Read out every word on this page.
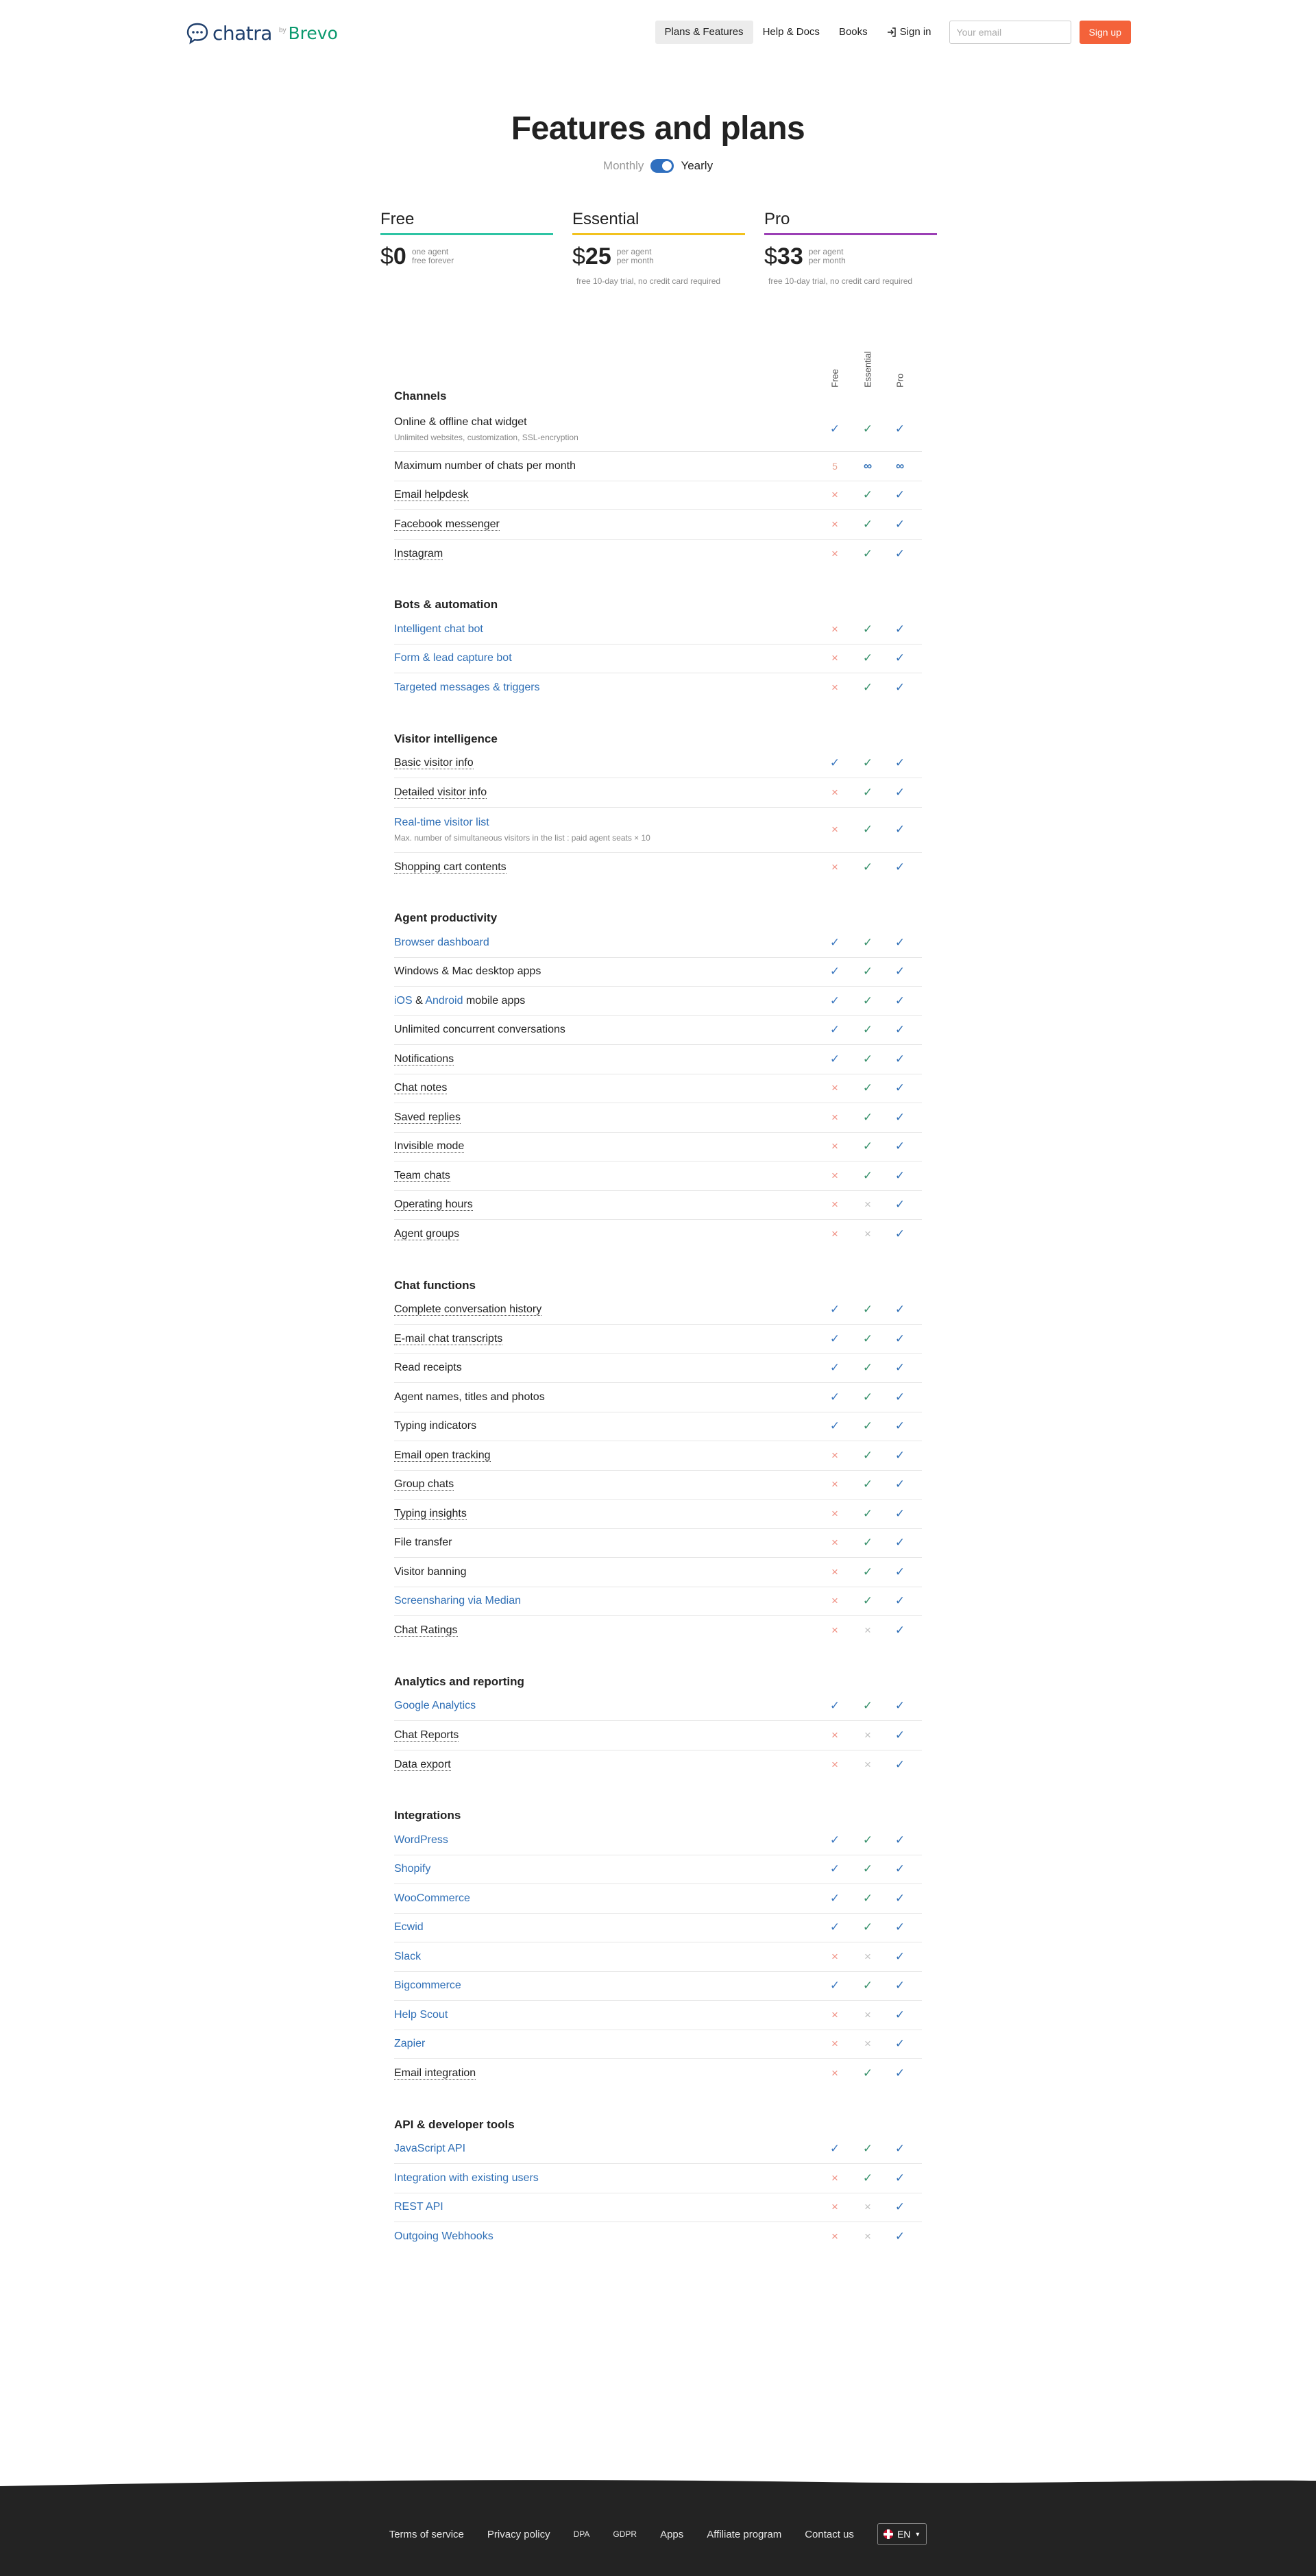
chatra by Brevo	Plans & Features	Help & Docs	Books	Sign in
Your email	Sign up
Features and plans
Monthly	Yearly
Free
$0 one agent
free forever
Essential
$25 per agent
per month
free 10-day trial, no credit card required
Pro
$33 per agent
per month
free 10-day trial, no credit card required
Free	Essential Pro
Channels
Online & offline chat widget
Unlimited websites, customization, SSL-encryption
✓ ✓ ✓
Maximum number of chats per month	5	∞ ∞
Email helpdesk	× ✓ ✓
Facebook messenger	× ✓ ✓
Instagram	× ✓ ✓
Bots & automation
Intelligent chat bot	× ✓ ✓
Form & lead capture bot	× ✓ ✓
Targeted messages & triggers	× ✓ ✓
Visitor intelligence
Basic visitor info	✓ ✓ ✓
Detailed visitor info	× ✓ ✓
Real-time visitor list
Max. number of simultaneous visitors in the list : paid agent seats × 10
× ✓ ✓
Shopping cart contents	× ✓ ✓
Agent productivity
Browser dashboard	✓ ✓ ✓
Windows & Mac desktop apps	✓ ✓ ✓
iOS & Android mobile apps	✓ ✓ ✓
Unlimited concurrent conversations	✓ ✓ ✓
Notifications	✓ ✓ ✓
Chat notes	× ✓ ✓
Saved replies	× ✓ ✓
Invisible mode	× ✓ ✓
Team chats	× ✓ ✓
Operating hours	× × ✓
Agent groups	× × ✓
Chat functions
Complete conversation history	✓ ✓ ✓
E-mail chat transcripts	✓ ✓ ✓
Read receipts	✓ ✓ ✓
Agent names, titles and photos	✓ ✓ ✓
Typing indicators	✓ ✓ ✓
Email open tracking	× ✓ ✓
Group chats	× ✓ ✓
Typing insights	× ✓ ✓
File transfer	× ✓ ✓
Visitor banning	× ✓ ✓
Screensharing via Median	× ✓ ✓
Chat Ratings	× × ✓
Analytics and reporting
Google Analytics	✓ ✓ ✓
Chat Reports	× × ✓
Data export	× × ✓
Integrations
WordPress	✓ ✓ ✓
Shopify	✓ ✓ ✓
WooCommerce	✓ ✓ ✓
Ecwid	✓ ✓ ✓
Slack	× × ✓
Bigcommerce	✓ ✓ ✓
Help Scout	× × ✓
Zapier	× × ✓
Email integration	× ✓ ✓
API & developer tools
JavaScript API	✓ ✓ ✓
Integration with existing users	× ✓ ✓
REST API	× × ✓
Outgoing Webhooks	× × ✓
Terms of service Privacy policy	DPA	GDPR Apps Affiliate program Contact us	EN ▼
